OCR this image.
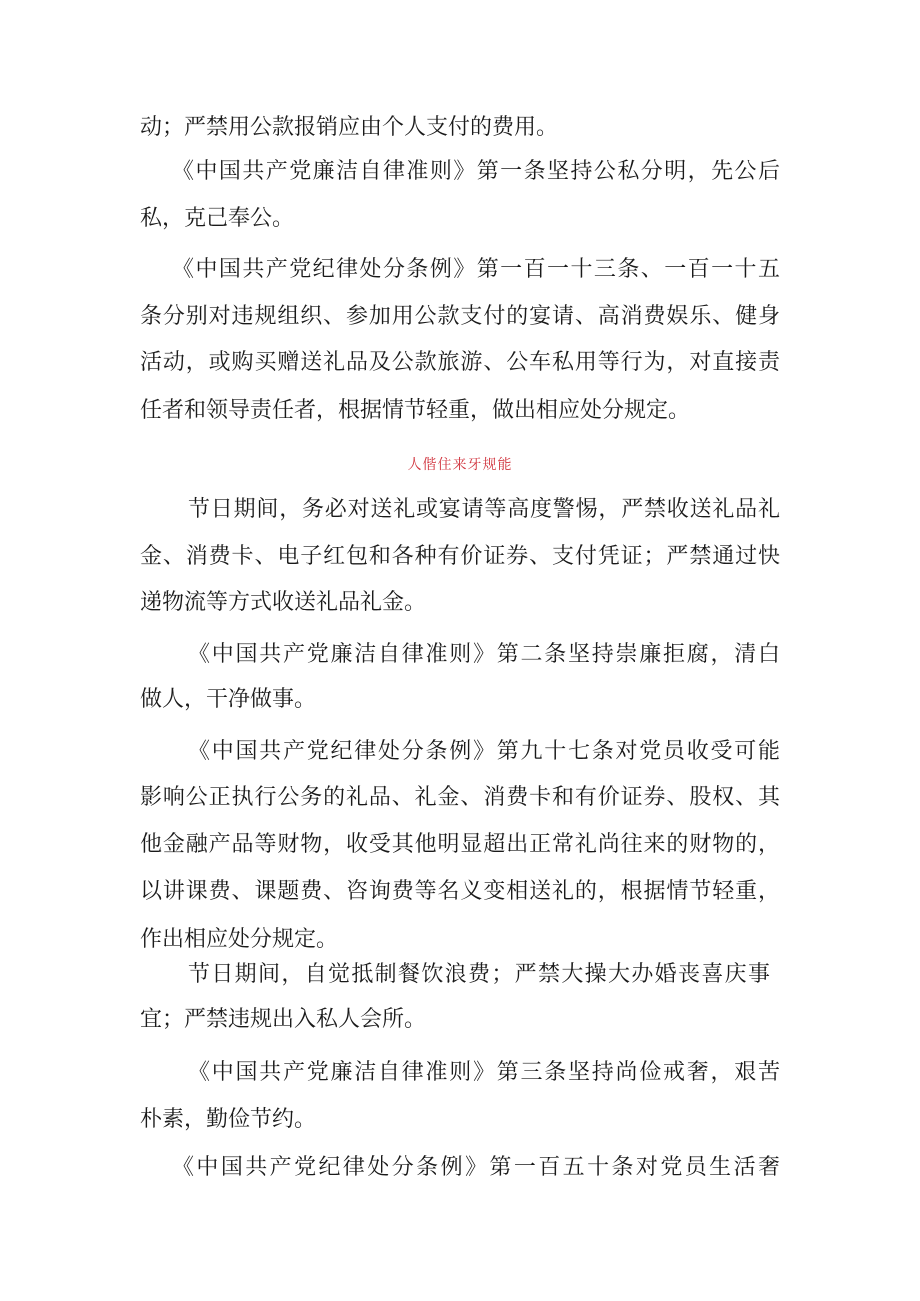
动；严禁用公款报销应由个人支付的费用。
《中国共产党廉洁自律准则》第一条坚持公私分明，先公后
私，克己奉公。
《中国共产党纪律处分条例》第一百一十三条、一百一十五
条分别对违规组织、参加用公款支付的宴请、高消费娱乐、健身
活动，或购买赠送礼品及公款旅游、公车私用等行为，对直接责
任者和领导责任者，根据情节轻重，做出相应处分规定。
人偕住来牙规能
节日期间，务必对送礼或宴请等高度警惕，严禁收送礼品礼
金、消费卡、电子红包和各种有价证券、支付凭证；严禁通过快
递物流等方式收送礼品礼金。
《中国共产党廉洁自律准则》第二条坚持崇廉拒腐，清白
做人，干净做事。
《中国共产党纪律处分条例》第九十七条对党员收受可能
影响公正执行公务的礼品、礼金、消费卡和有价证券、股权、其
他金融产品等财物，收受其他明显超出正常礼尚往来的财物的，
以讲课费、课题费、咨询费等名义变相送礼的，根据情节轻重，
作出相应处分规定。
节日期间，自觉抵制餐饮浪费；严禁大操大办婚丧喜庆事
宜；严禁违规出入私人会所。
《中国共产党廉洁自律准则》第三条坚持尚俭戒奢，艰苦
朴素，勤俭节约。
《中国共产党纪律处分条例》第一百五十条对党员生活奢
